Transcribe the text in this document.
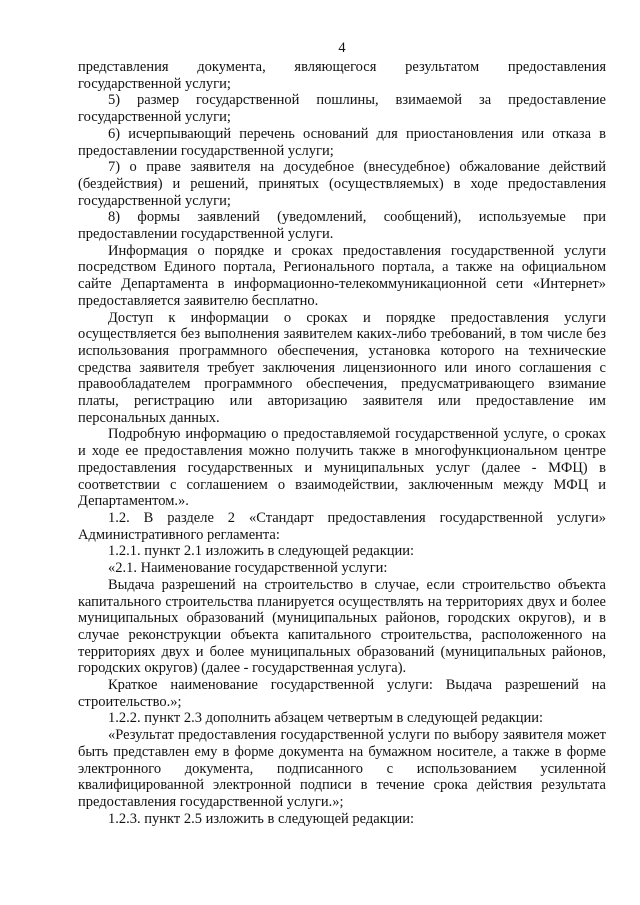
4

представления документа, являющегося результатом предоставления государственной услуги;

5) размер государственной пошлины, взимаемой за предоставление государственной услуги;

6) исчерпывающий перечень оснований для приостановления или отказа в предоставлении государственной услуги;

7) о праве заявителя на досудебное (внесудебное) обжалование действий (бездействия) и решений, принятых (осуществляемых) в ходе предоставления государственной услуги;

8) формы заявлений (уведомлений, сообщений), используемые при предоставлении государственной услуги.

Информация о порядке и сроках предоставления государственной услуги посредством Единого портала, Регионального портала, а также на официальном сайте Департамента в информационно-телекоммуникационной сети «Интернет» предоставляется заявителю бесплатно.

Доступ к информации о сроках и порядке предоставления услуги осуществляется без выполнения заявителем каких-либо требований, в том числе без использования программного обеспечения, установка которого на технические средства заявителя требует заключения лицензионного или иного соглашения с правообладателем программного обеспечения, предусматривающего взимание платы, регистрацию или авторизацию заявителя или предоставление им персональных данных.

Подробную информацию о предоставляемой государственной услуге, о сроках и ходе ее предоставления можно получить также в многофункциональном центре предоставления государственных и муниципальных услуг (далее - МФЦ) в соответствии с соглашением о взаимодействии, заключенным между МФЦ и Департаментом.».

1.2. В разделе 2 «Стандарт предоставления государственной услуги» Административного регламента:

1.2.1. пункт 2.1 изложить в следующей редакции:

«2.1. Наименование государственной услуги:

Выдача разрешений на строительство в случае, если строительство объекта капитального строительства планируется осуществлять на территориях двух и более муниципальных образований (муниципальных районов, городских округов), и в случае реконструкции объекта капитального строительства, расположенного на территориях двух и более муниципальных образований (муниципальных районов, городских округов) (далее - государственная услуга).

Краткое наименование государственной услуги: Выдача разрешений на строительство.»;

1.2.2. пункт 2.3 дополнить абзацем четвертым в следующей редакции:

«Результат предоставления государственной услуги по выбору заявителя может быть представлен ему в форме документа на бумажном носителе, а также в форме электронного документа, подписанного с использованием усиленной квалифицированной электронной подписи в течение срока действия результата предоставления государственной услуги.»;

1.2.3. пункт 2.5 изложить в следующей редакции:
